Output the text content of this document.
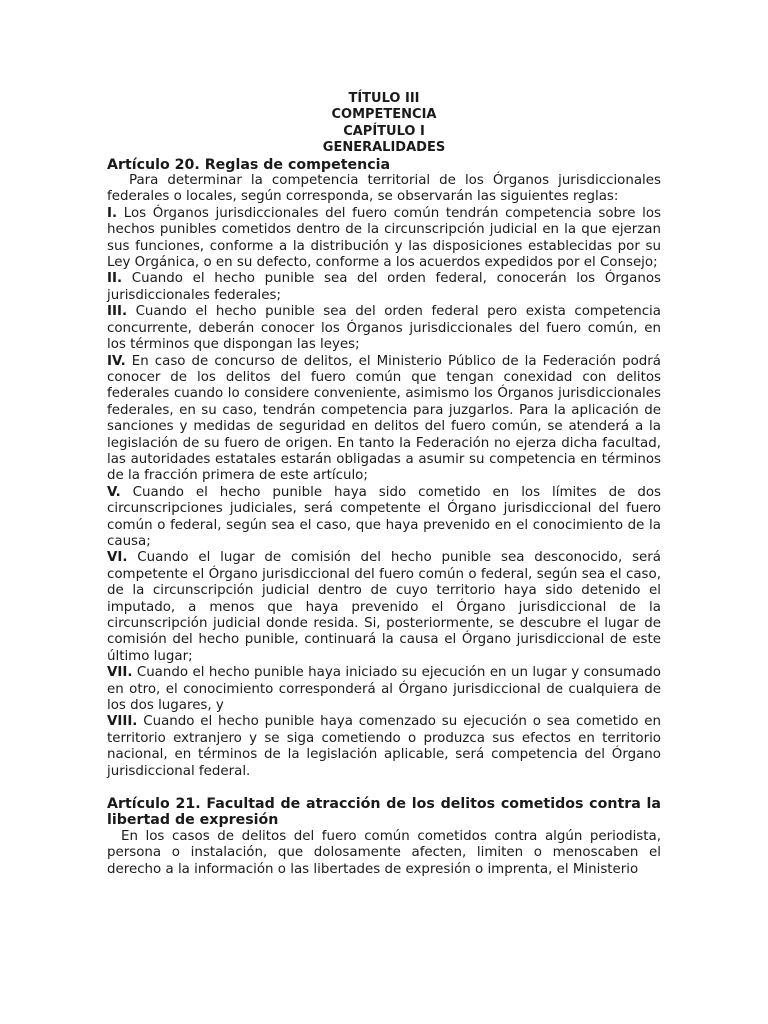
TÍTULO III
COMPETENCIA
CAPÍTULO I
GENERALIDADES

Artículo 20. Reglas de competencia

Para determinar la competencia territorial de los Órganos jurisdiccionales federales o locales, según corresponda, se observarán las siguientes reglas:

I. Los Órganos jurisdiccionales del fuero común tendrán competencia sobre los hechos punibles cometidos dentro de la circunscripción judicial en la que ejerzan sus funciones, conforme a la distribución y las disposiciones establecidas por su Ley Orgánica, o en su defecto, conforme a los acuerdos expedidos por el Consejo;

II. Cuando el hecho punible sea del orden federal, conocerán los Órganos jurisdiccionales federales;

III. Cuando el hecho punible sea del orden federal pero exista competencia concurrente, deberán conocer los Órganos jurisdiccionales del fuero común, en los términos que dispongan las leyes;

IV. En caso de concurso de delitos, el Ministerio Público de la Federación podrá conocer de los delitos del fuero común que tengan conexidad con delitos federales cuando lo considere conveniente, asimismo los Órganos jurisdiccionales federales, en su caso, tendrán competencia para juzgarlos. Para la aplicación de sanciones y medidas de seguridad en delitos del fuero común, se atenderá a la legislación de su fuero de origen. En tanto la Federación no ejerza dicha facultad, las autoridades estatales estarán obligadas a asumir su competencia en términos de la fracción primera de este artículo;

V. Cuando el hecho punible haya sido cometido en los límites de dos circunscripciones judiciales, será competente el Órgano jurisdiccional del fuero común o federal, según sea el caso, que haya prevenido en el conocimiento de la causa;

VI. Cuando el lugar de comisión del hecho punible sea desconocido, será competente el Órgano jurisdiccional del fuero común o federal, según sea el caso, de la circunscripción judicial dentro de cuyo territorio haya sido detenido el imputado, a menos que haya prevenido el Órgano jurisdiccional de la circunscripción judicial donde resida. Si, posteriormente, se descubre el lugar de comisión del hecho punible, continuará la causa el Órgano jurisdiccional de este último lugar;

VII. Cuando el hecho punible haya iniciado su ejecución en un lugar y consumado en otro, el conocimiento corresponderá al Órgano jurisdiccional de cualquiera de los dos lugares, y

VIII. Cuando el hecho punible haya comenzado su ejecución o sea cometido en territorio extranjero y se siga cometiendo o produzca sus efectos en territorio nacional, en términos de la legislación aplicable, será competencia del Órgano jurisdiccional federal.

Artículo 21. Facultad de atracción de los delitos cometidos contra la libertad de expresión

En los casos de delitos del fuero común cometidos contra algún periodista, persona o instalación, que dolosamente afecten, limiten o menoscaben el derecho a la información o las libertades de expresión o imprenta, el Ministerio
